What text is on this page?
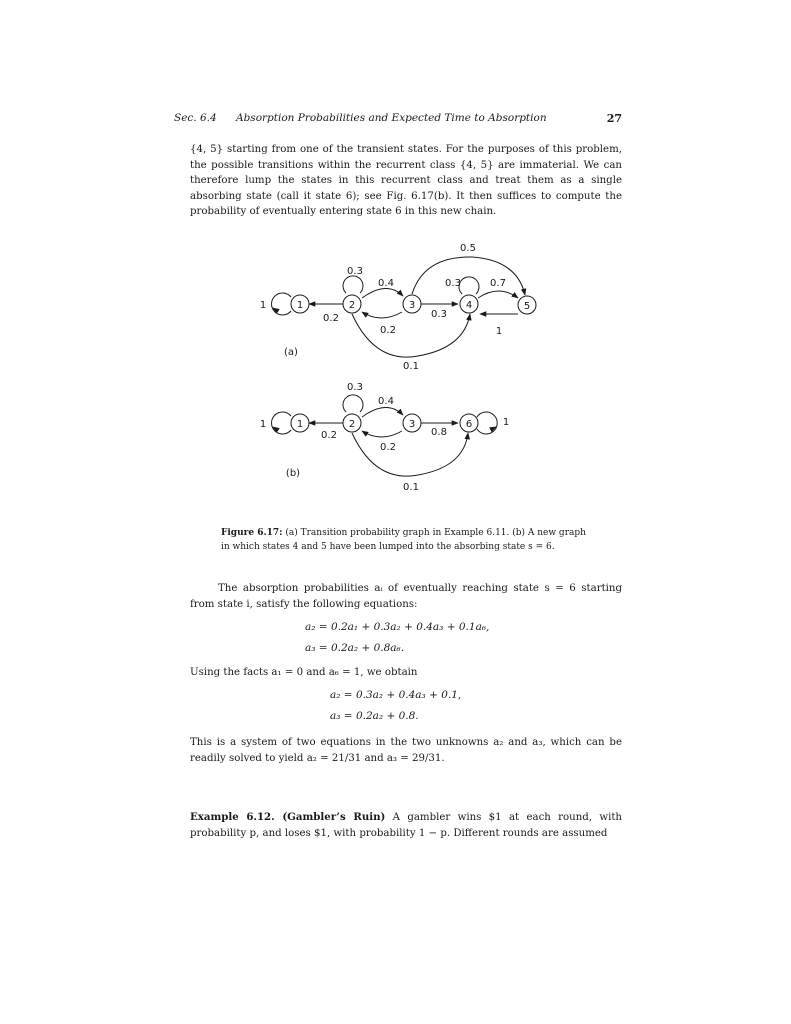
Sec. 6.4 Absorption Probabilities and Expected Time to Absorption	27

{4, 5} starting from one of the transient states. For the purposes of this problem, the possible transitions within the recurrent class {4, 5} are immaterial. We can therefore lump the states in this recurrent class and treat them as a single absorbing state (call it state 6); see Fig. 6.17(b). It then suffices to compute the probability of eventually entering state 6 in this new chain.

1	2	3	4	5
1	2	3	6
1
0.3
0.4
0.2
0.2
0.3
0.1
0.5
0.3	0.7
1
(a)
1
0.3
0.4
0.2
0.2
0.8
0.1
1
(b)
Figure 6.17: (a) Transition probability graph in Example 6.11. (b) A new graph in which states 4 and 5 have been lumped into the absorbing state s = 6.

The absorption probabilities aᵢ of eventually reaching state s = 6 starting from state i, satisfy the following equations:

a₂ = 0.2a₁ + 0.3a₂ + 0.4a₃ + 0.1a₆,
a₃ = 0.2a₂ + 0.8a₆.

Using the facts a₁ = 0 and a₆ = 1, we obtain

a₂ = 0.3a₂ + 0.4a₃ + 0.1,
a₃ = 0.2a₂ + 0.8.

This is a system of two equations in the two unknowns a₂ and a₃, which can be readily solved to yield a₂ = 21/31 and a₃ = 29/31.

Example 6.12. (Gambler’s Ruin) A gambler wins $1 at each round, with probability p, and loses $1, with probability 1 − p. Different rounds are assumed
